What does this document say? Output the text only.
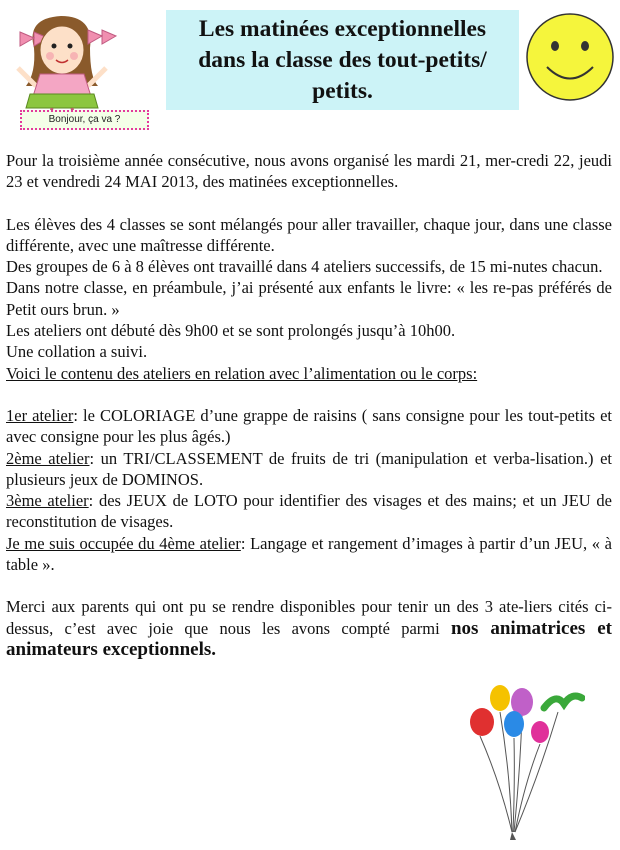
Bonjour, ça va ?
Les matinées exceptionnelles
dans la classe des tout-petits/
petits.

Pour la troisième année consécutive, nous avons organisé les mardi 21, mer-credi 22, jeudi 23 et vendredi 24 MAI 2013, des matinées exceptionnelles.

Les élèves des 4 classes se sont mélangés pour aller travailler, chaque jour, dans une classe différente, avec une maîtresse différente.

Des groupes de 6 à 8 élèves ont travaillé dans 4 ateliers successifs, de 15 mi-nutes chacun.

Dans notre classe, en préambule, j’ai présenté aux enfants le livre: « les re-pas préférés de Petit ours brun. »

Les ateliers ont débuté dès 9h00 et se sont prolongés jusqu’à 10h00.

Une collation a suivi.

Voici le contenu des ateliers en relation avec l’alimentation ou le corps:

1er atelier: le COLORIAGE d’une grappe de raisins ( sans consigne pour les tout-petits et avec consigne pour les plus âgés.)

2ème atelier: un TRI/CLASSEMENT de fruits de tri (manipulation et verba-lisation.) et plusieurs jeux de DOMINOS.

3ème atelier: des JEUX de LOTO pour identifier des visages et des mains; et un JEU de reconstitution de visages.

Je me suis occupée du 4ème atelier: Langage et rangement d’images à partir d’un JEU, « à table ».

Merci aux parents qui ont pu se rendre disponibles pour tenir un des 3 ate-liers cités ci-dessus, c’est avec joie que nous les avons compté parmi nos animatrices et animateurs exceptionnels.
